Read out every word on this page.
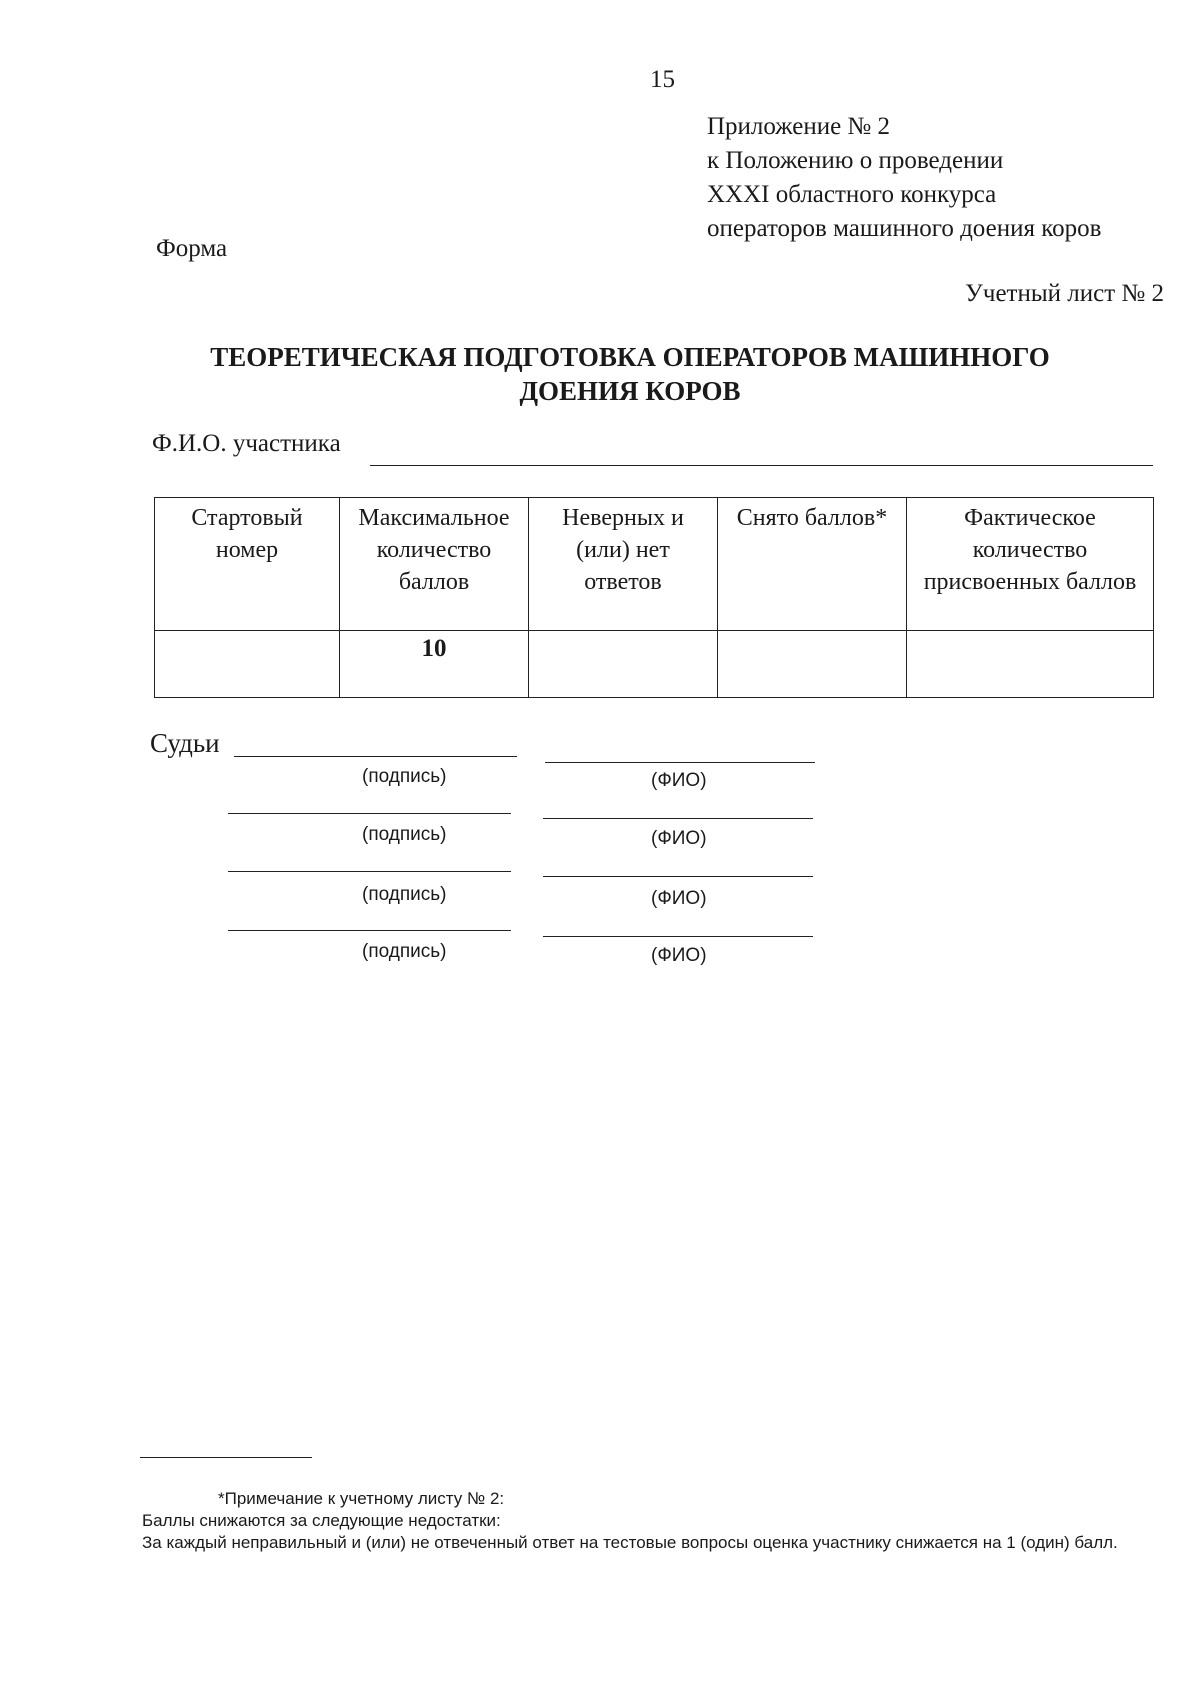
15
Приложение № 2
к Положению о проведении
XXXI областного конкурса
операторов машинного доения коров
Форма
Учетный лист № 2
ТЕОРЕТИЧЕСКАЯ ПОДГОТОВКА ОПЕРАТОРОВ МАШИННОГО
ДОЕНИЯ КОРОВ
Ф.И.О. участника
Стартовый номер	Максимальное количество баллов	Неверных и (или) нет ответов	Снято баллов*	Фактическое количество присвоенных баллов
	10			
Судьи
(подпись)	(ФИО)
(подпись)	(ФИО)
(подпись)	(ФИО)
(подпись)	(ФИО)
*Примечание к учетному листу № 2:
Баллы снижаются за следующие недостатки:
За каждый неправильный и (или) не отвеченный ответ на тестовые вопросы оценка участнику снижается на 1 (один) балл.
